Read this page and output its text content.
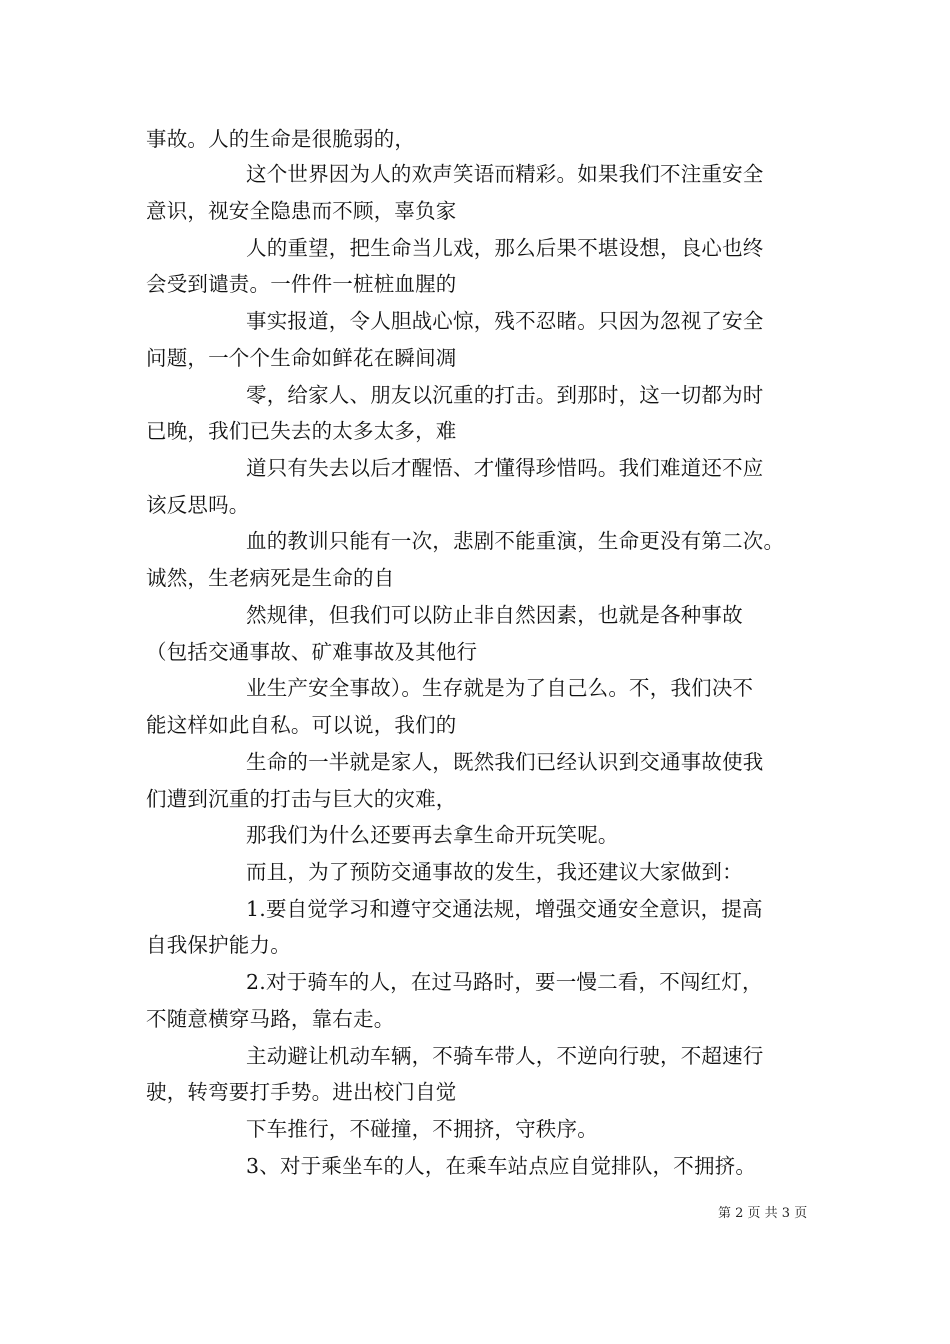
事故。人的生命是很脆弱的，
这个世界因为人的欢声笑语而精彩。如果我们不注重安全
意识，视安全隐患而不顾，辜负家
人的重望，把生命当儿戏，那么后果不堪设想，良心也终
会受到谴责。一件件一桩桩血腥的
事实报道，令人胆战心惊，残不忍睹。只因为忽视了安全
问题，一个个生命如鲜花在瞬间凋
零，给家人、朋友以沉重的打击。到那时，这一切都为时
已晚，我们已失去的太多太多，难
道只有失去以后才醒悟、才懂得珍惜吗。我们难道还不应
该反思吗。
血的教训只能有一次，悲剧不能重演，生命更没有第二次。
诚然，生老病死是生命的自
然规律，但我们可以防止非自然因素，也就是各种事故
（包括交通事故、矿难事故及其他行
业生产安全事故）。生存就是为了自己么。不，我们决不
能这样如此自私。可以说，我们的
生命的一半就是家人，既然我们已经认识到交通事故使我
们遭到沉重的打击与巨大的灾难，
那我们为什么还要再去拿生命开玩笑呢。
而且，为了预防交通事故的发生，我还建议大家做到：
1.要自觉学习和遵守交通法规，增强交通安全意识，提高
自我保护能力。
2.对于骑车的人，在过马路时，要一慢二看，不闯红灯，
不随意横穿马路，靠右走。
主动避让机动车辆，不骑车带人，不逆向行驶，不超速行
驶，转弯要打手势。进出校门自觉
下车推行，不碰撞，不拥挤，守秩序。
3、对于乘坐车的人，在乘车站点应自觉排队，不拥挤。
第 2 页 共 3 页
